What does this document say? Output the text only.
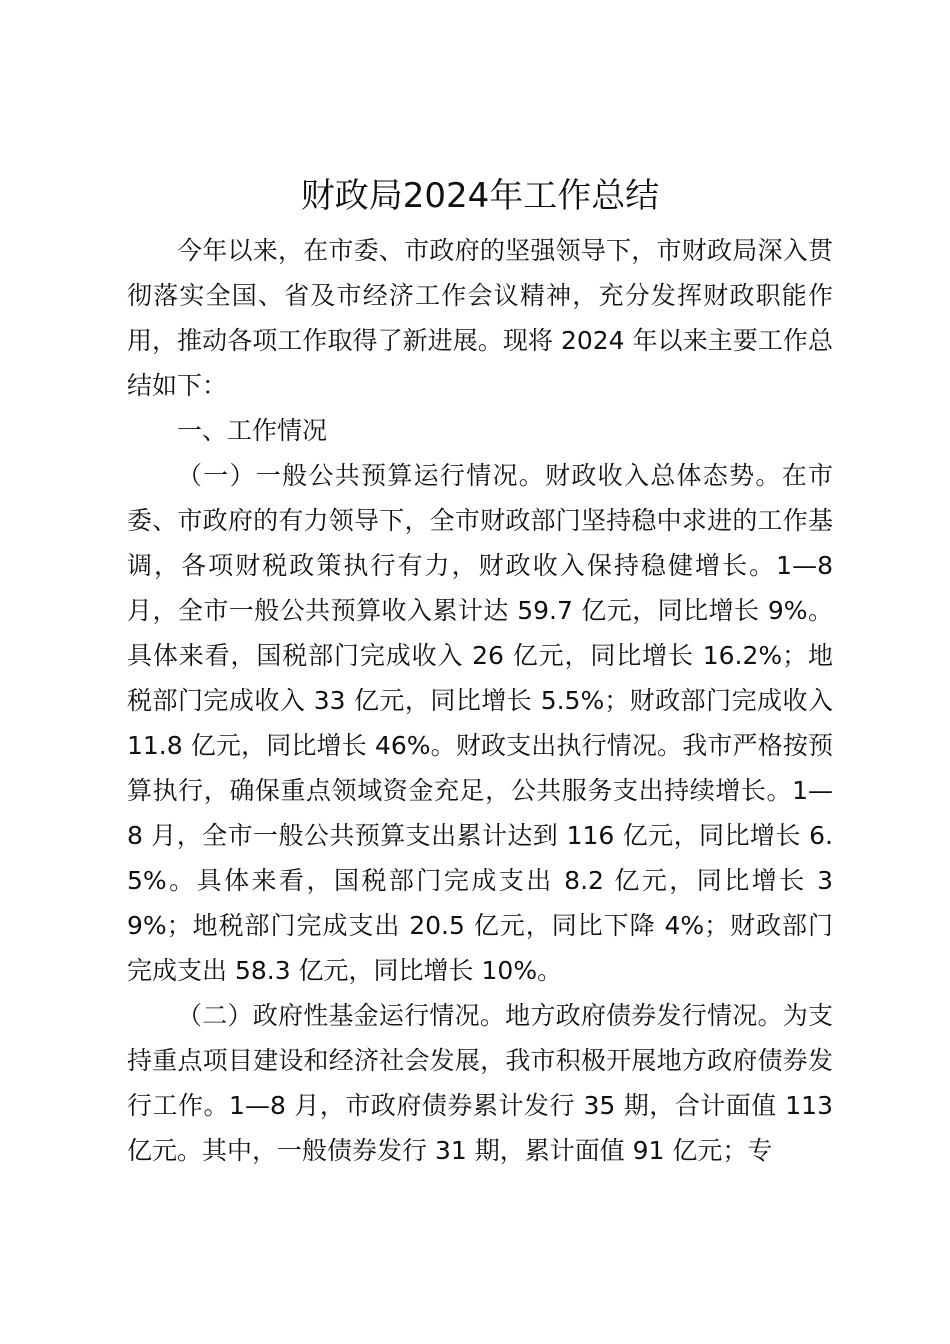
财政局2024年工作总结

今年以来，在市委、市政府的坚强领导下，市财政局深入贯彻落实全国、省及市经济工作会议精神，充分发挥财政职能作用，推动各项工作取得了新进展。现将 2024 年以来主要工作总结如下：

一、工作情况

（一）一般公共预算运行情况。财政收入总体态势。在市委、市政府的有力领导下，全市财政部门坚持稳中求进的工作基调，各项财税政策执行有力，财政收入保持稳健增长。1—8月，全市一般公共预算收入累计达 59.7 亿元，同比增长 9%。具体来看，国税部门完成收入 26 亿元，同比增长 16.2%；地税部门完成收入 33 亿元，同比增长 5.5%；财政部门完成收入 11.8 亿元，同比增长 46%。财政支出执行情况。我市严格按预算执行，确保重点领域资金充足，公共服务支出持续增长。1—8 月，全市一般公共预算支出累计达到 116 亿元，同比增长 6.5%。具体来看，国税部门完成支出 8.2 亿元，同比增长 39%；地税部门完成支出 20.5 亿元，同比下降 4%；财政部门完成支出 58.3 亿元，同比增长 10%。

（二）政府性基金运行情况。地方政府债券发行情况。为支持重点项目建设和经济社会发展，我市积极开展地方政府债券发行工作。1—8 月，市政府债券累计发行 35 期，合计面值 113 亿元。其中，一般债券发行 31 期，累计面值 91 亿元；专
